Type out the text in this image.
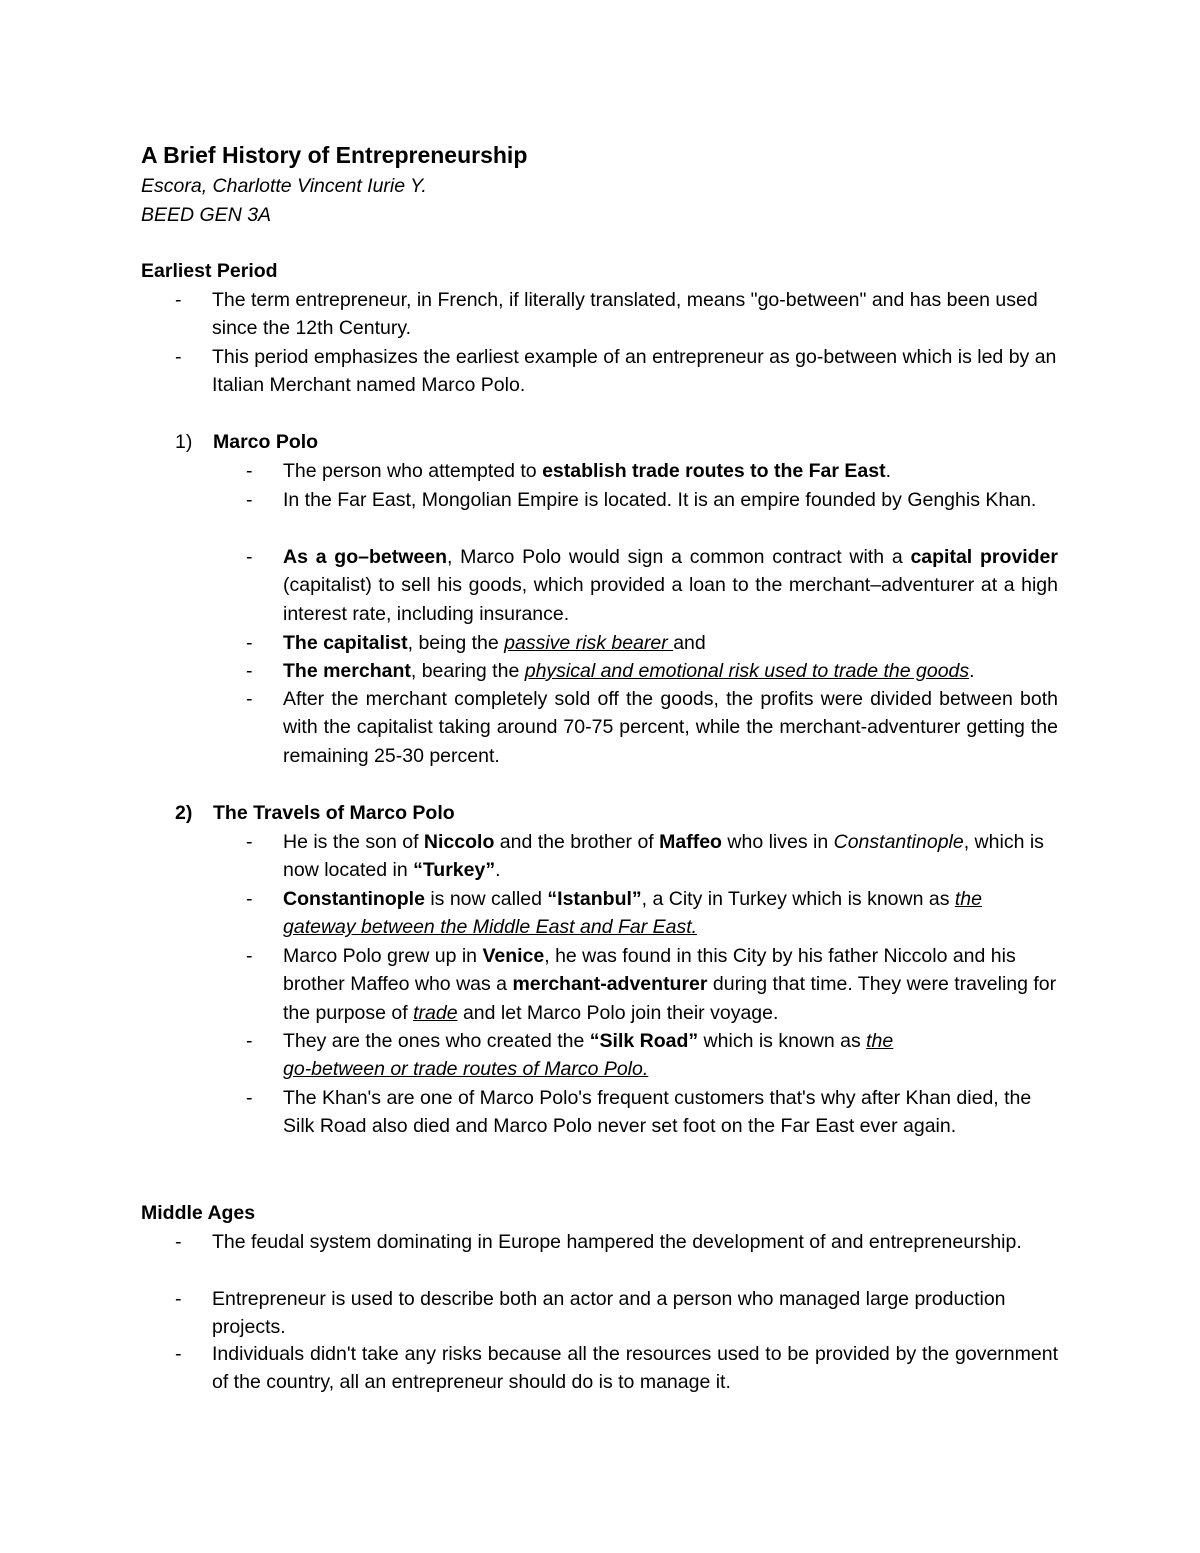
A Brief History of Entrepreneurship
Escora, Charlotte Vincent Iurie Y.
BEED GEN 3A
Earliest Period
- The term entrepreneur, in French, if literally translated, means "go-between" and has been used since the 12th Century.
- This period emphasizes the earliest example of an entrepreneur as go-between which is led by an Italian Merchant named Marco Polo.
1) Marco Polo
- The person who attempted to establish trade routes to the Far East.
- In the Far East, Mongolian Empire is located. It is an empire founded by Genghis Khan.
- As a go–between, Marco Polo would sign a common contract with a capital provider (capitalist) to sell his goods, which provided a loan to the merchant–adventurer at a high interest rate, including insurance.
- The capitalist, being the passive risk bearer and
- The merchant, bearing the physical and emotional risk used to trade the goods.
- After the merchant completely sold off the goods, the profits were divided between both with the capitalist taking around 70-75 percent, while the merchant-adventurer getting the remaining 25-30 percent.
2) The Travels of Marco Polo
- He is the son of Niccolo and the brother of Maffeo who lives in Constantinople, which is now located in “Turkey”.
- Constantinople is now called “Istanbul”, a City in Turkey which is known as the
gateway between the Middle East and Far East.
- Marco Polo grew up in Venice, he was found in this City by his father Niccolo and his brother Maffeo who was a merchant-adventurer during that time. They were traveling for the purpose of trade and let Marco Polo join their voyage.
- They are the ones who created the “Silk Road” which is known as the
go-between or trade routes of Marco Polo.
- The Khan's are one of Marco Polo's frequent customers that's why after Khan died, the Silk Road also died and Marco Polo never set foot on the Far East ever again.
Middle Ages
- The feudal system dominating in Europe hampered the development of and entrepreneurship.
- Entrepreneur is used to describe both an actor and a person who managed large production projects.
- Individuals didn't take any risks because all the resources used to be provided by the government of the country, all an entrepreneur should do is to manage it.
